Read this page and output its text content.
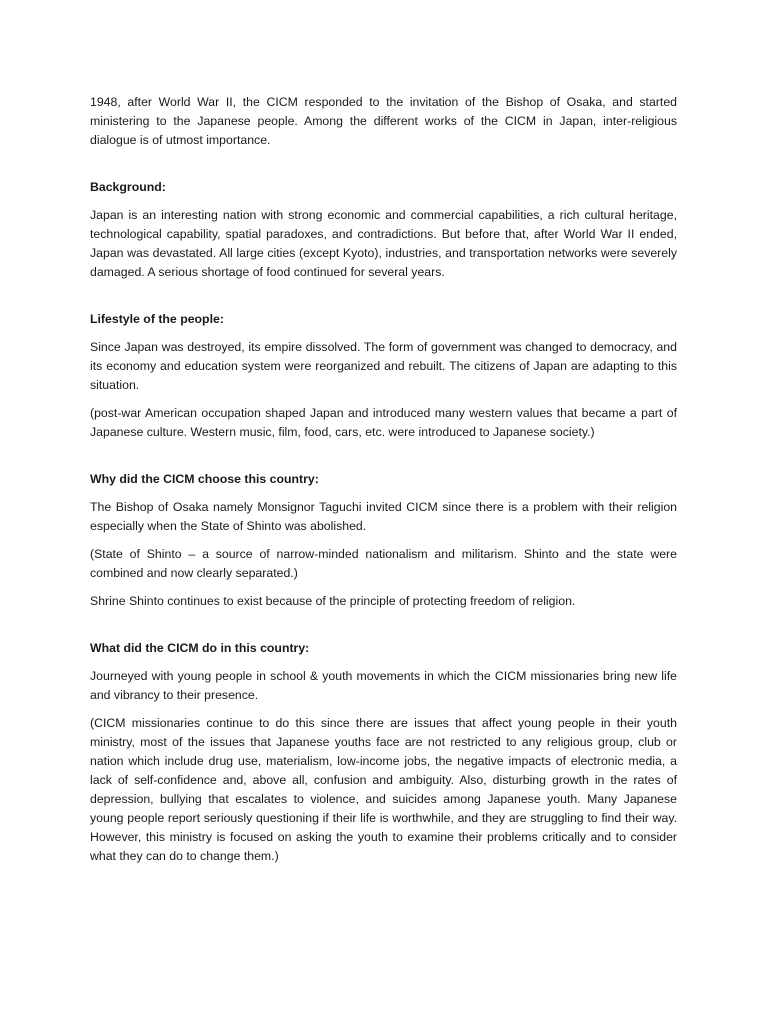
1948, after World War II, the CICM responded to the invitation of the Bishop of Osaka, and started ministering to the Japanese people. Among the different works of the CICM in Japan, inter-religious dialogue is of utmost importance.

Background:

Japan is an interesting nation with strong economic and commercial capabilities, a rich cultural heritage, technological capability, spatial paradoxes, and contradictions. But before that, after World War II ended, Japan was devastated. All large cities (except Kyoto), industries, and transportation networks were severely damaged. A serious shortage of food continued for several years.

Lifestyle of the people:

Since Japan was destroyed, its empire dissolved. The form of government was changed to democracy, and its economy and education system were reorganized and rebuilt. The citizens of Japan are adapting to this situation.

(post-war American occupation shaped Japan and introduced many western values that became a part of Japanese culture. Western music, film, food, cars, etc. were introduced to Japanese society.)

Why did the CICM choose this country:

The Bishop of Osaka namely Monsignor Taguchi invited CICM since there is a problem with their religion especially when the State of Shinto was abolished.

(State of Shinto – a source of narrow-minded nationalism and militarism. Shinto and the state were combined and now clearly separated.)

Shrine Shinto continues to exist because of the principle of protecting freedom of religion.

What did the CICM do in this country:

Journeyed with young people in school & youth movements in which the CICM missionaries bring new life and vibrancy to their presence.

(CICM missionaries continue to do this since there are issues that affect young people in their youth ministry, most of the issues that Japanese youths face are not restricted to any religious group, club or nation which include drug use, materialism, low-income jobs, the negative impacts of electronic media, a lack of self-confidence and, above all, confusion and ambiguity. Also, disturbing growth in the rates of depression, bullying that escalates to violence, and suicides among Japanese youth. Many Japanese young people report seriously questioning if their life is worthwhile, and they are struggling to find their way. However, this ministry is focused on asking the youth to examine their problems critically and to consider what they can do to change them.)
